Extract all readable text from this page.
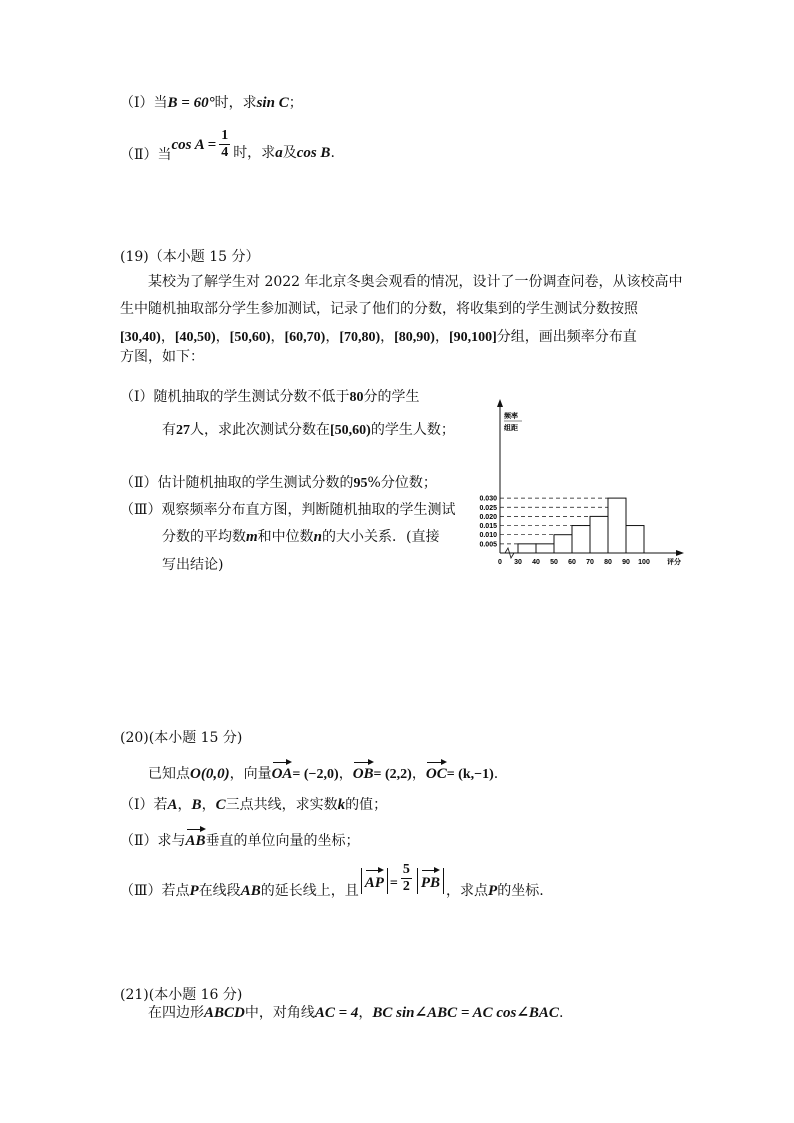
（Ⅰ）当B = 60°时，求sin C；
（Ⅱ）当$\cos A = \frac{1}{4}$ 时，求a及cos B.
(19)（本小题 15 分）
某校为了解学生对 2022 年北京冬奥会观看的情况，设计了一份调查问卷，从该校高中
生中随机抽取部分学生参加测试，记录了他们的分数，将收集到的学生测试分数按照
[30,40)，[40,50)，[50,60)，[60,70)，[70,80)，[80,90)，[90,100]分组，画出频率分布直
方图，如下：
（Ⅰ）随机抽取的学生测试分数不低于80分的学生
有27人，求此次测试分数在[50,60)的学生人数；
（Ⅱ）估计随机抽取的学生测试分数的95%分位数；
（Ⅲ）观察频率分布直方图，判断随机抽取的学生测试
分数的平均数m和中位数n的大小关系．(直接
写出结论)
频率
组距
0.005
0.010
0.015
0.020
0.025
0.030
0 30 40 50 60 70 80 90 100 评分
(20)(本小题 15 分)
已知点O(0,0)，向量OA= (−2,0)，OB= (2,2)，OC= (k,−1).
（Ⅰ）若A，B，C三点共线，求实数k的值；
（Ⅱ）求与AB垂直的单位向量的坐标；
（Ⅲ）若点P在线段AB的延长线上，且 AP = $\frac{5}{2}$ PB ，求点P的坐标.
(21)(本小题 16 分)
在四边形ABCD中，对角线AC = 4，BC sin∠ABC = AC cos∠BAC.
